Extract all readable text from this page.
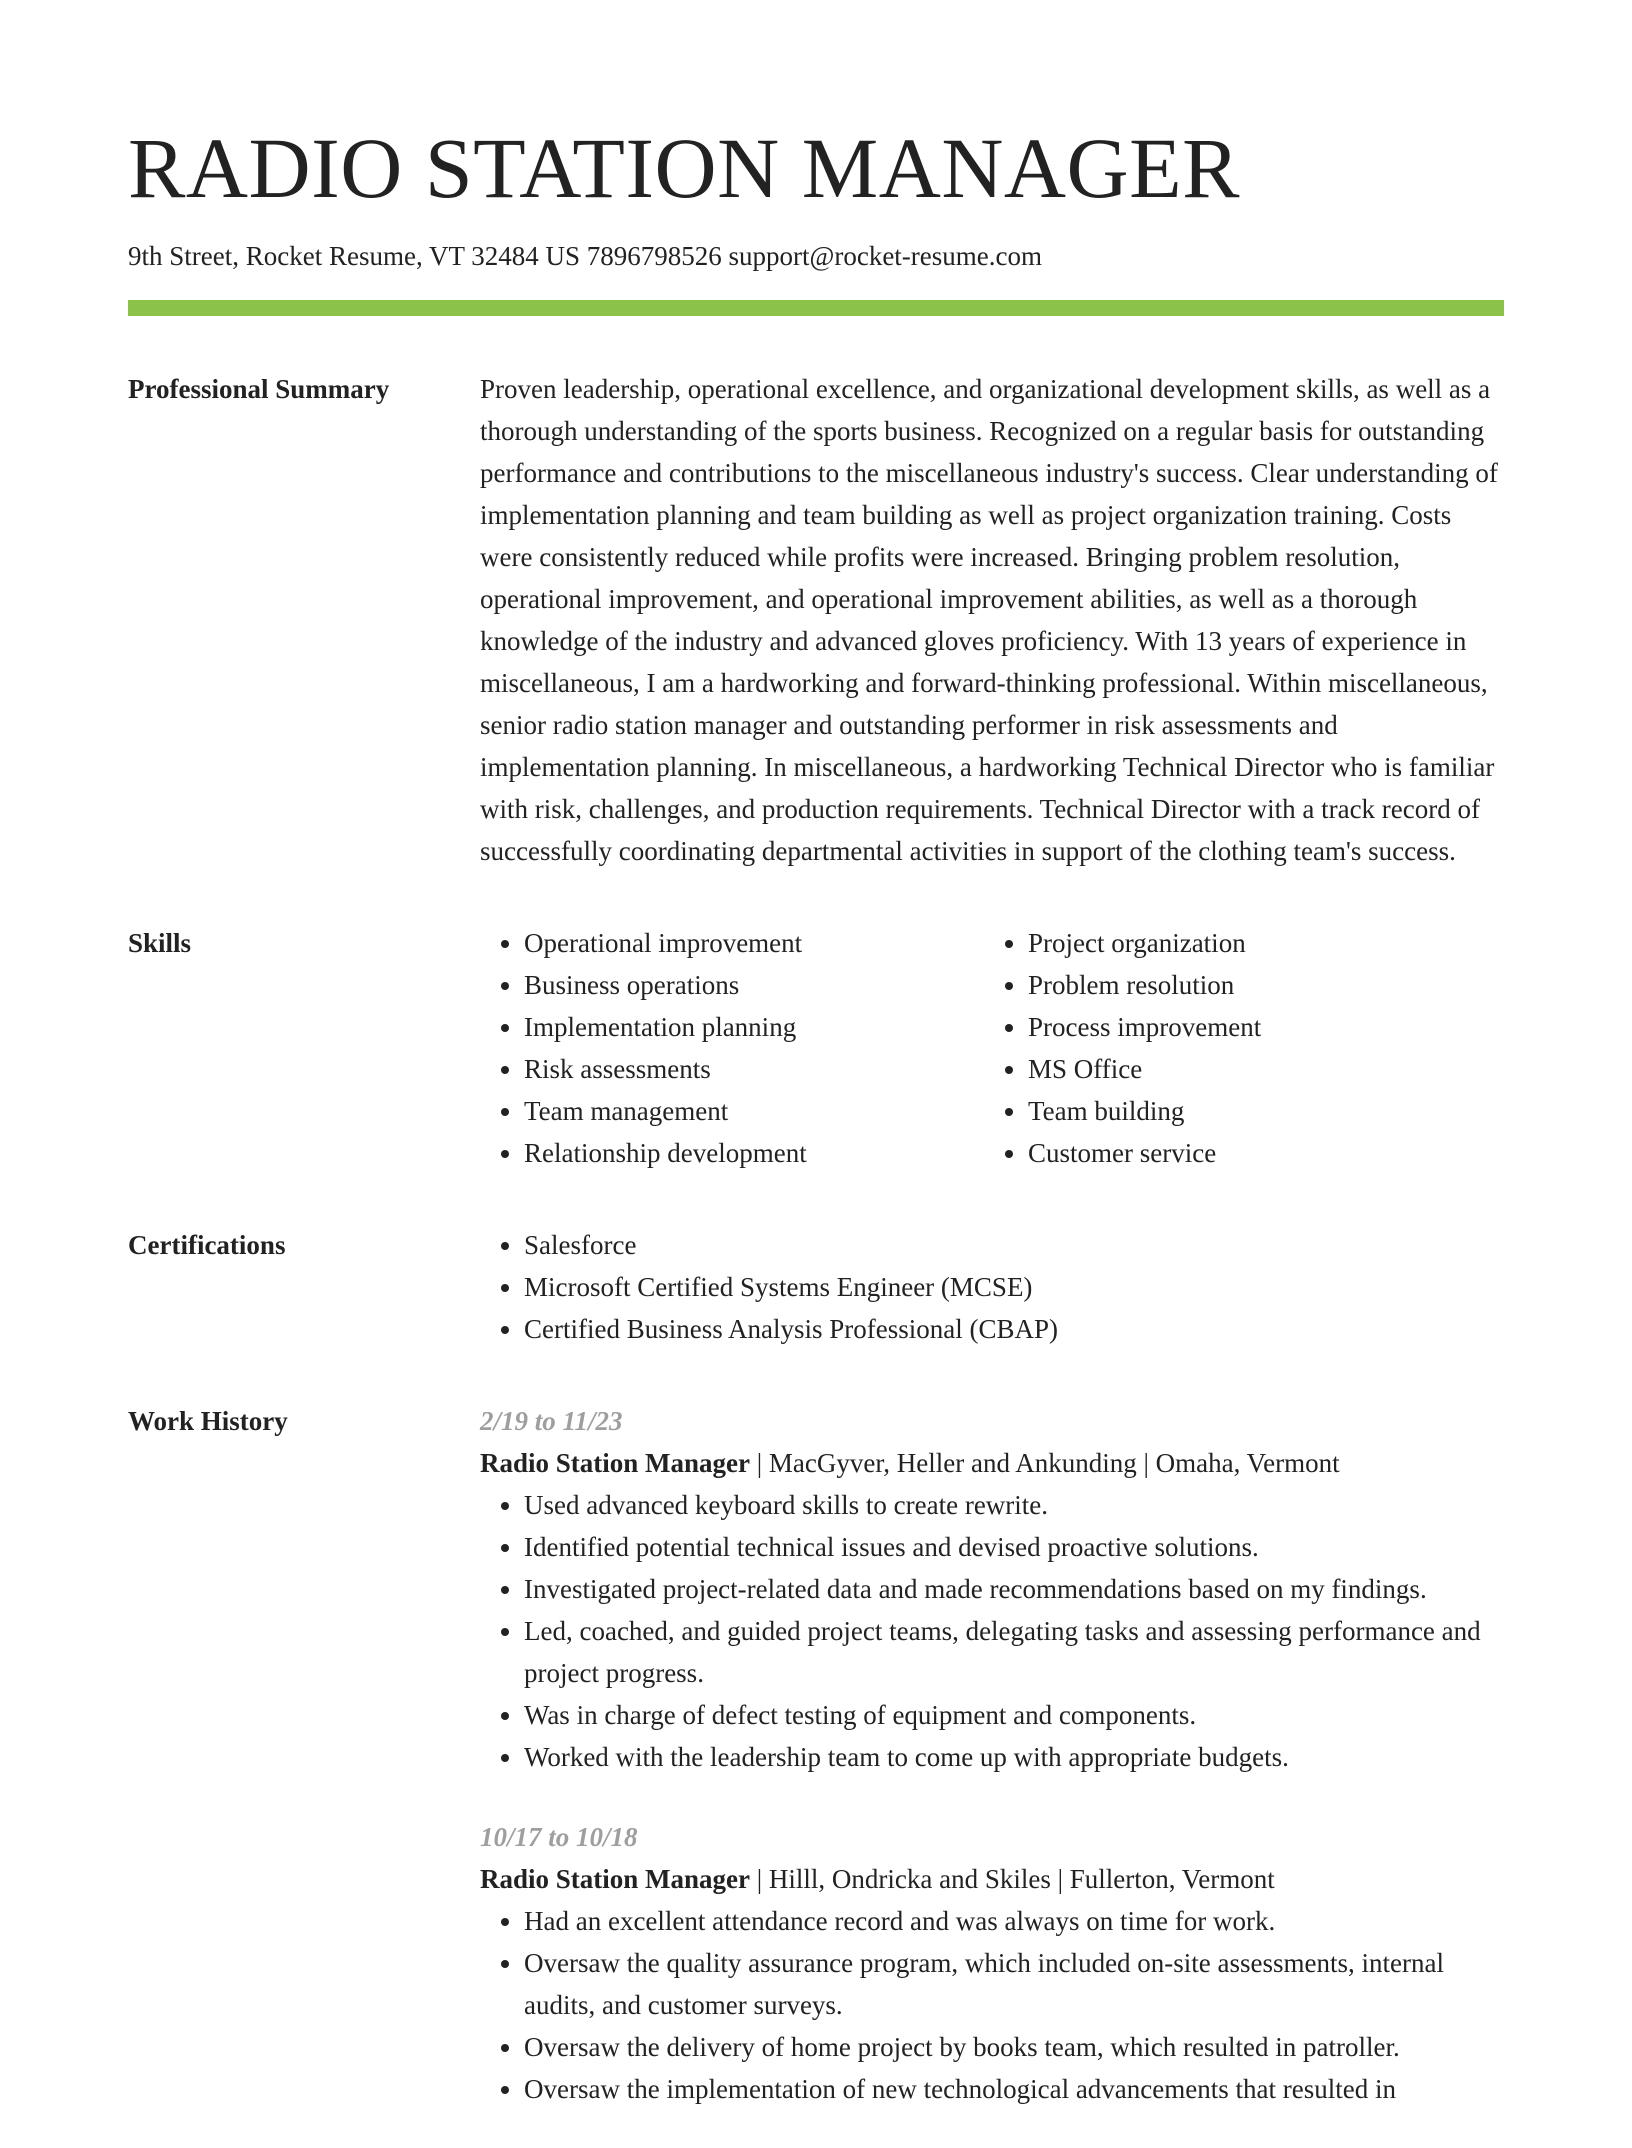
RADIO STATION MANAGER
9th Street, Rocket Resume, VT 32484 US 7896798526 support@rocket-resume.com
Professional Summary	Proven leadership, operational excellence, and organizational development skills, as well as a thorough understanding of the sports business. Recognized on a regular basis for outstanding performance and contributions to the miscellaneous industry's success. Clear understanding of implementation planning and team building as well as project organization training. Costs were consistently reduced while profits were increased. Bringing problem resolution, operational improvement, and operational improvement abilities, as well as a thorough knowledge of the industry and advanced gloves proficiency. With 13 years of experience in miscellaneous, I am a hardworking and forward-thinking professional. Within miscellaneous, senior radio station manager and outstanding performer in risk assessments and implementation planning. In miscellaneous, a hardworking Technical Director who is familiar with risk, challenges, and production requirements. Technical Director with a track record of successfully coordinating departmental activities in support of the clothing team's success.

Skills	• Operational improvement
• Business operations
• Implementation planning
• Risk assessments
• Team management
• Relationship development
• Project organization
• Problem resolution
• Process improvement
• MS Office
• Team building
• Customer service
Certifications	• Salesforce
• Microsoft Certified Systems Engineer (MCSE)
• Certified Business Analysis Professional (CBAP)
Work History	2/19 to 11/23
Radio Station Manager | MacGyver, Heller and Ankunding | Omaha, Vermont
• Used advanced keyboard skills to create rewrite.
• Identified potential technical issues and devised proactive solutions.
• Investigated project-related data and made recommendations based on my findings.
• Led, coached, and guided project teams, delegating tasks and assessing performance and project progress.
• Was in charge of defect testing of equipment and components.
• Worked with the leadership team to come up with appropriate budgets.
10/17 to 10/18
Radio Station Manager | Hilll, Ondricka and Skiles | Fullerton, Vermont
• Had an excellent attendance record and was always on time for work.
• Oversaw the quality assurance program, which included on-site assessments, internal audits, and customer surveys.
• Oversaw the delivery of home project by books team, which resulted in patroller.
• Oversaw the implementation of new technological advancements that resulted in
